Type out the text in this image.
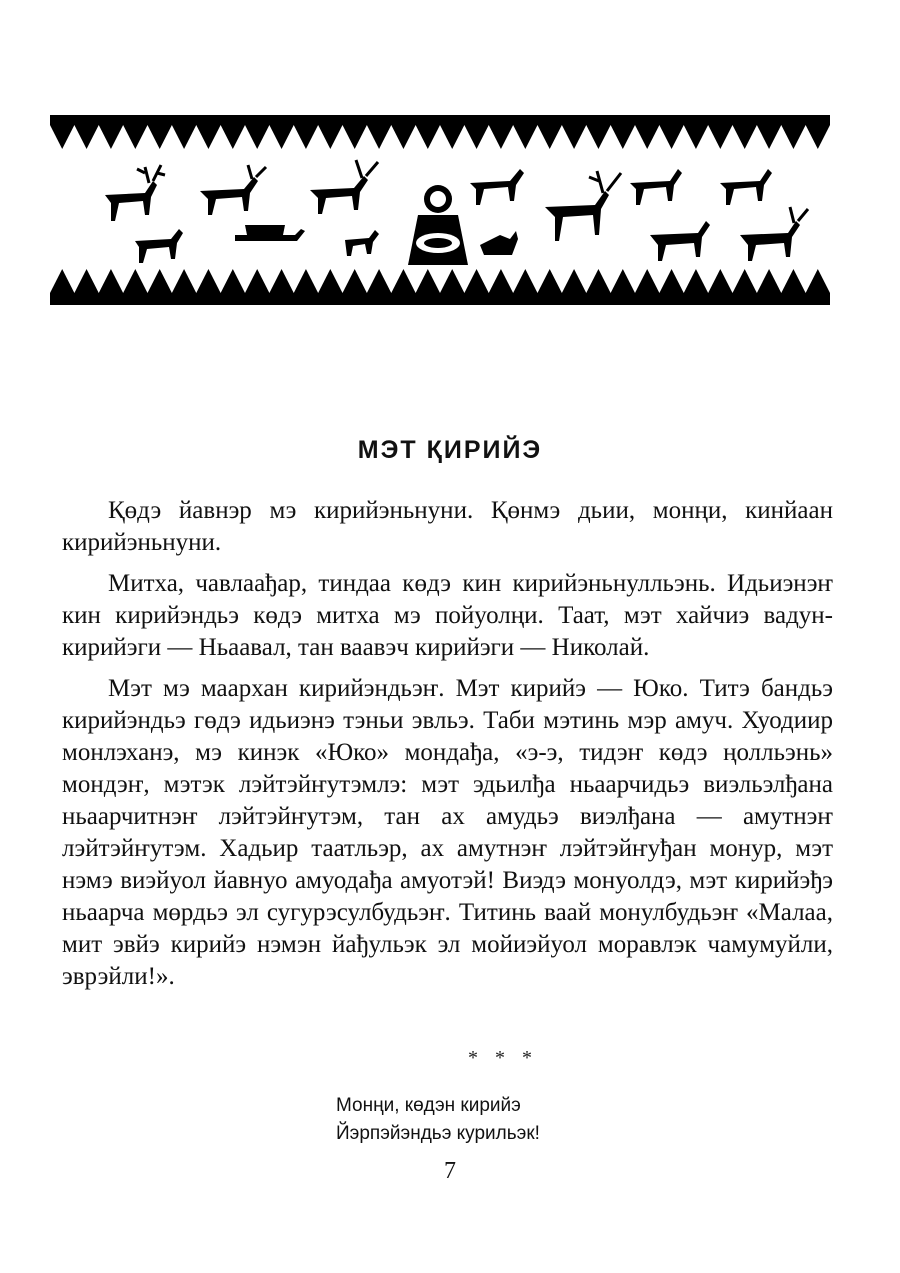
МЭТ ҚИРИЙЭ

Қөдэ йавнэр мэ кирийэньнуни. Қөнмэ дьии, монңи, кинйаан кирийэньнуни.

Митха, чавлаађар, тиндаа көдэ кин кирийэньнулльэнь. Идьиэнэҥ кин кирийэндьэ көдэ митха мэ пойуолңи. Таат, мэт хайчиэ вадун-кирийэги — Ньаавал, тан ваавэч кирийэги — Николай.

Мэт мэ маархан кирийэндьэҥ. Мэт кирийэ — Юко. Титэ бандьэ кирийэндьэ гөдэ идьиэнэ тэньи эвльэ. Таби мэтинь мэр амуч. Хуодиир монлэханэ, мэ кинэк «Юко» мондађа, «э-э, тидэҥ көдэ ңолльэнь» мондэҥ, мэтэк лэйтэйҥутэмлэ: мэт эдьилђа ньаарчидьэ виэльэлђана ньаарчитнэҥ лэйтэйҥутэм, тан ах амудьэ виэлђана — амутнэҥ лэйтэйҥутэм. Хадьир таатльэр, ах амутнэҥ лэйтэйҥуђан монур, мэт нэмэ виэйуол йавнуо амуодађа амуотэй! Виэдэ монуолдэ, мэт кирийэђэ ньаарча мөрдьэ эл сугурэсулбудьэҥ. Титинь ваай монулбудьэҥ «Малаа, мит эвйэ кирийэ нэмэн йађульэк эл мойиэйуол моравлэк чамумуйли, эврэйли!».

* * *
Монңи, көдэн кирийэ
Йэрпэйэндьэ курильэк!
7
